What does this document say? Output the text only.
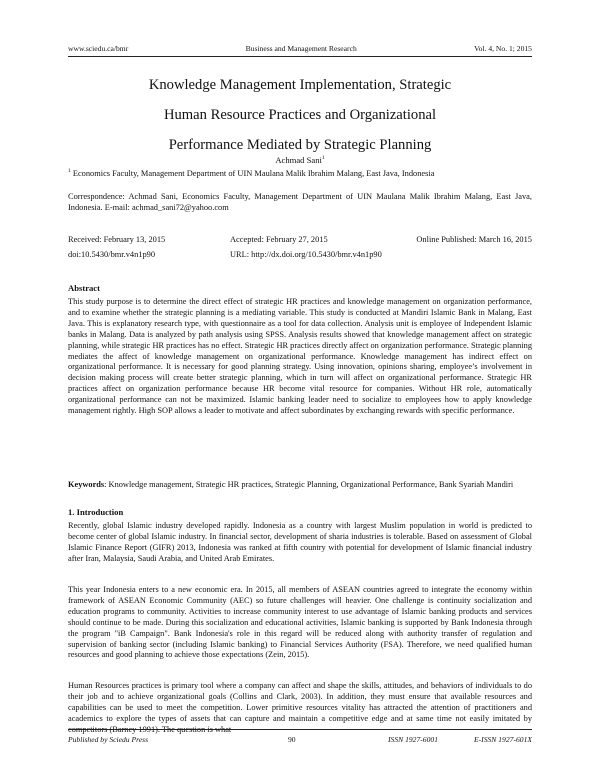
www.sciedu.ca/bmr	Business and Management Research	Vol. 4, No. 1; 2015
Knowledge Management Implementation, Strategic
Human Resource Practices and Organizational
Performance Mediated by Strategic Planning
Achmad Sani$^1$
$^1$ Economics Faculty, Management Department of UIN Maulana Malik Ibrahim Malang, East Java, Indonesia
Correspondence: Achmad Sani, Economics Faculty, Management Department of UIN Maulana Malik Ibrahim Malang, East Java, Indonesia. E-mail: achmad_sani72@yahoo.com
Received: February 13, 2015	Accepted: February 27, 2015	Online Published: March 16, 2015
doi:10.5430/bmr.v4n1p90	URL: http://dx.doi.org/10.5430/bmr.v4n1p90
Abstract
This study purpose is to determine the direct effect of strategic HR practices and knowledge management on organization performance, and to examine whether the strategic planning is a mediating variable. This study is conducted at Mandiri Islamic Bank in Malang, East Java. This is explanatory research type, with questionnaire as a tool for data collection. Analysis unit is employee of Independent Islamic banks in Malang. Data is analyzed by path analysis using SPSS. Analysis results showed that knowledge management affect on strategic planning, while strategic HR practices has no effect. Strategic HR practices directly affect on organization performance. Strategic planning mediates the affect of knowledge management on organizational performance. Knowledge management has indirect effect on organizational performance. It is necessary for good planning strategy. Using innovation, opinions sharing, employee’s involvement in decision making process will create better strategic planning, which in turn will affect on organizational performance. Strategic HR practices affect on organization performance because HR become vital resource for companies. Without HR role, automatically organizational performance can not be maximized. Islamic banking leader need to socialize to employees how to apply knowledge management rightly. High SOP allows a leader to motivate and affect subordinates by exchanging rewards with specific performance.
Keywords: Knowledge management, Strategic HR practices, Strategic Planning, Organizational Performance, Bank Syariah Mandiri
1. Introduction
Recently, global Islamic industry developed rapidly. Indonesia as a country with largest Muslim population in world is predicted to become center of global Islamic industry. In financial sector, development of sharia industries is tolerable. Based on assessment of Global Islamic Finance Report (GIFR) 2013, Indonesia was ranked at fifth country with potential for development of Islamic financial industry after Iran, Malaysia, Saudi Arabia, and United Arab Emirates.
This year Indonesia enters to a new economic era. In 2015, all members of ASEAN countries agreed to integrate the economy within framework of ASEAN Economic Community (AEC) so future challenges will heavier. One challenge is continuity socialization and education programs to community. Activities to increase community interest to use advantage of Islamic banking products and services should continue to be made. During this socialization and educational activities, Islamic banking is supported by Bank Indonesia through the program "iB Campaign". Bank Indonesia's role in this regard will be reduced along with authority transfer of regulation and supervision of banking sector (including Islamic banking) to Financial Services Authority (FSA). Therefore, we need qualified human resources and good planning to achieve those expectations (Zein, 2015).
Human Resources practices is primary tool where a company can affect and shape the skills, attitudes, and behaviors of individuals to do their job and to achieve organizational goals (Collins and Clark, 2003). In addition, they must ensure that available resources and capabilities can be used to meet the competition. Lower primitive resources vitality has attracted the attention of practitioners and academics to explore the types of assets that can capture and maintain a competitive edge and at same time not easily imitated by competitors (Barney 1991). The question is what
Published by Sciedu Press	90	ISSN 1927-6001	E-ISSN 1927-601X
